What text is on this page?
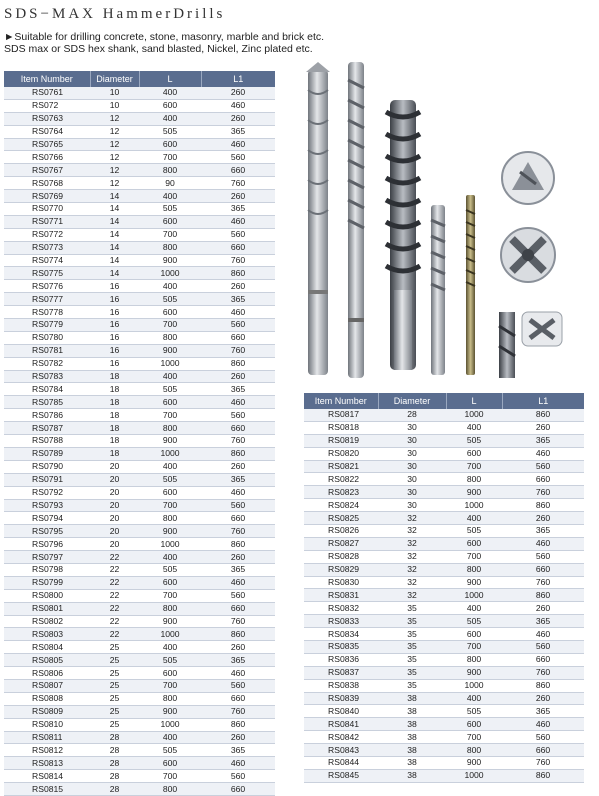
SDS−MAX HammerDrills
►Suitable for drilling concrete, stone, masonry, marble and brick etc.
SDS max or SDS hex shank, sand blasted, Nickel, Zinc plated etc.
Item Number	Diameter	L	L1
RS0761	10	400	260
RS072	10	600	460
RS0763	12	400	260
RS0764	12	505	365
RS0765	12	600	460
RS0766	12	700	560
RS0767	12	800	660
RS0768	12	90	760
RS0769	14	400	260
RS0770	14	505	365
RS0771	14	600	460
RS0772	14	700	560
RS0773	14	800	660
RS0774	14	900	760
RS0775	14	1000	860
RS0776	16	400	260
RS0777	16	505	365
RS0778	16	600	460
RS0779	16	700	560
RS0780	16	800	660
RS0781	16	900	760
RS0782	16	1000	860
RS0783	18	400	260
RS0784	18	505	365
RS0785	18	600	460
RS0786	18	700	560
RS0787	18	800	660
RS0788	18	900	760
RS0789	18	1000	860
RS0790	20	400	260
RS0791	20	505	365
RS0792	20	600	460
RS0793	20	700	560
RS0794	20	800	660
RS0795	20	900	760
RS0796	20	1000	860
RS0797	22	400	260
RS0798	22	505	365
RS0799	22	600	460
RS0800	22	700	560
RS0801	22	800	660
RS0802	22	900	760
RS0803	22	1000	860
RS0804	25	400	260
RS0805	25	505	365
RS0806	25	600	460
RS0807	25	700	560
RS0808	25	800	660
RS0809	25	900	760
RS0810	25	1000	860
RS0811	28	400	260
RS0812	28	505	365
RS0813	28	600	460
RS0814	28	700	560
RS0815	28	800	660
Item Number	Diameter	L	L1
RS0817	28	1000	860
RS0818	30	400	260
RS0819	30	505	365
RS0820	30	600	460
RS0821	30	700	560
RS0822	30	800	660
RS0823	30	900	760
RS0824	30	1000	860
RS0825	32	400	260
RS0826	32	505	365
RS0827	32	600	460
RS0828	32	700	560
RS0829	32	800	660
RS0830	32	900	760
RS0831	32	1000	860
RS0832	35	400	260
RS0833	35	505	365
RS0834	35	600	460
RS0835	35	700	560
RS0836	35	800	660
RS0837	35	900	760
RS0838	35	1000	860
RS0839	38	400	260
RS0840	38	505	365
RS0841	38	600	460
RS0842	38	700	560
RS0843	38	800	660
RS0844	38	900	760
RS0845	38	1000	860
